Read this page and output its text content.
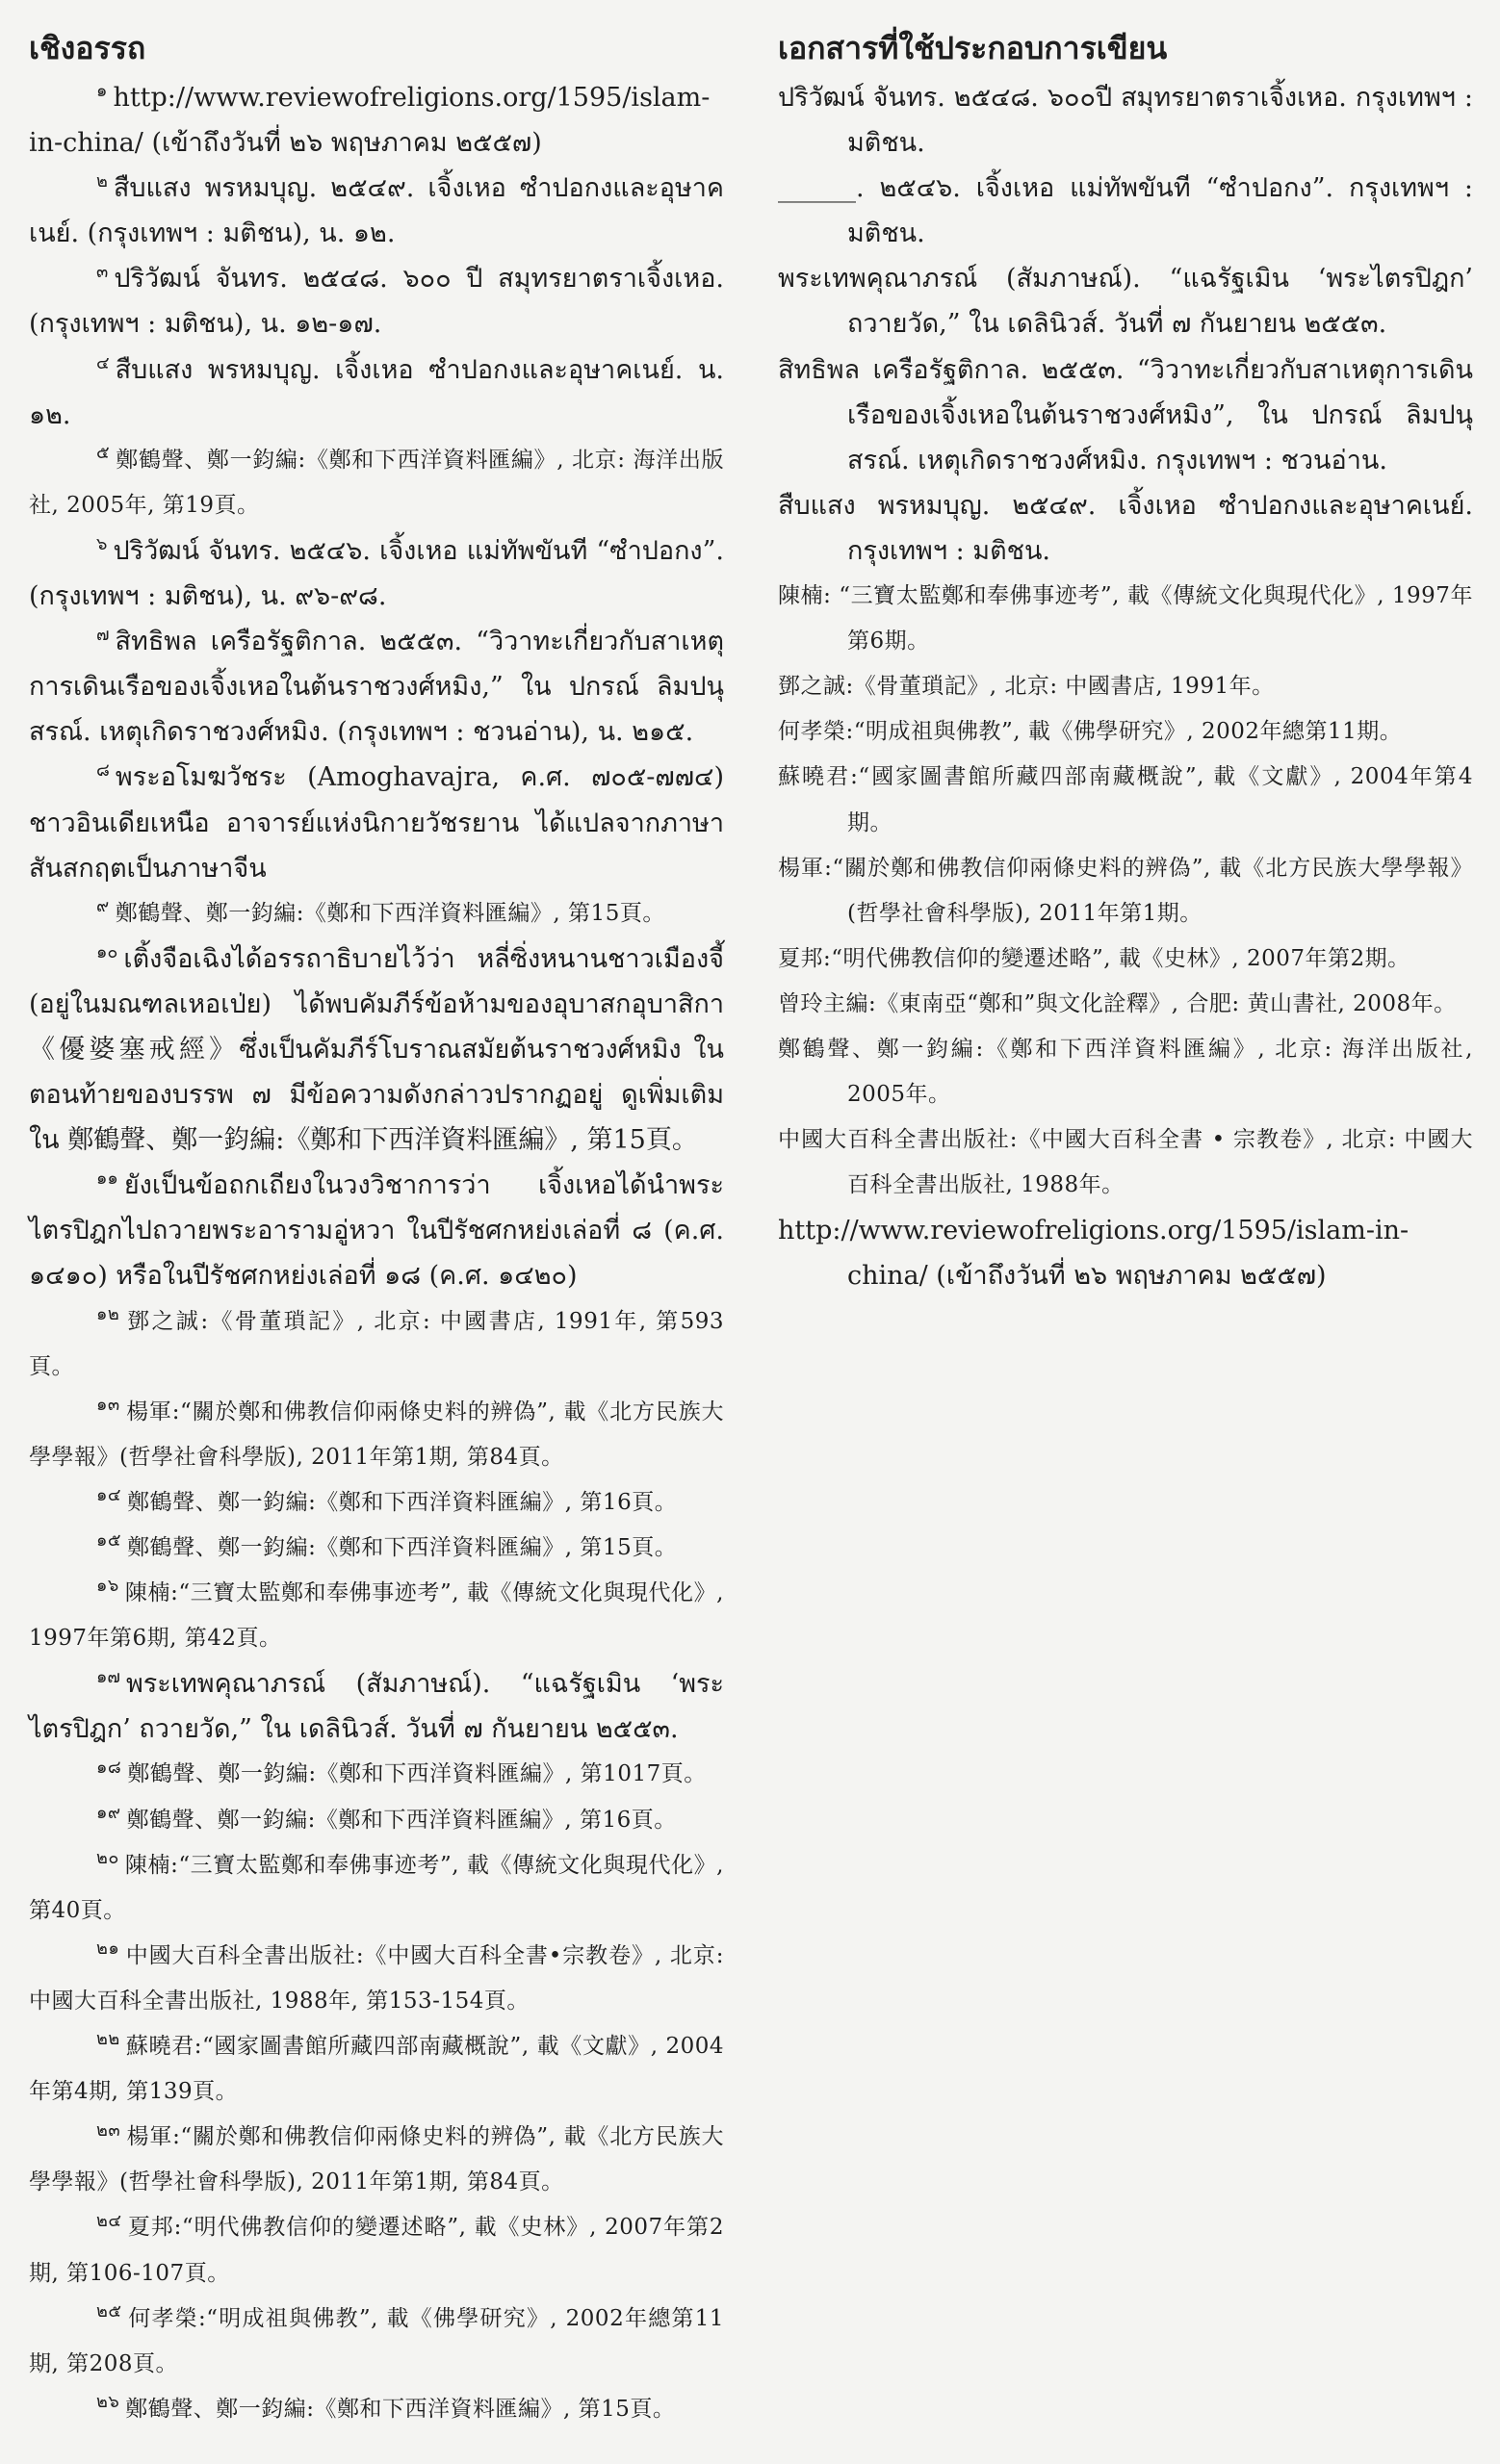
เชิงอรรถ

$^๑$ http://www.reviewofreligions.org/1595/islam-in-china/ (เข้าถึงวันที่ ๒๖ พฤษภาคม ๒๕๕๗)

$^๒$ สืบแสง พรหมบุญ. ๒๕๔๙. เจิ้งเหอ ซำปอกงและอุษาคเนย์. (กรุงเทพฯ : มติชน), น. ๑๒.

$^๓$ ปริวัฒน์ จันทร. ๒๕๔๘. ๖๐๐ ปี สมุทรยาตราเจิ้งเหอ. (กรุงเทพฯ : มติชน), น. ๑๒-๑๗.

$^๔$ สืบแสง พรหมบุญ. เจิ้งเหอ ซำปอกงและอุษาคเนย์. น. ๑๒.

$^๕$ 鄭鶴聲、鄭一鈞編:《鄭和下西洋資料匯編》, 北京: 海洋出版社, 2005年, 第19頁。

$^๖$ ปริวัฒน์ จันทร. ๒๕๔๖. เจิ้งเหอ แม่ทัพขันที “ซำปอกง”. (กรุงเทพฯ : มติชน), น. ๙๖-๙๘.

$^๗$ สิทธิพล เครือรัฐติกาล. ๒๕๕๓. “วิวาทะเกี่ยวกับสาเหตุการเดินเรือของเจิ้งเหอในต้นราชวงศ์หมิง,” ใน ปกรณ์ ลิมปนุสรณ์. เหตุเกิดราชวงศ์หมิง. (กรุงเทพฯ : ชวนอ่าน), น. ๒๑๕.

$^๘$ พระอโมฆวัชระ (Amoghavajra, ค.ศ. ๗๐๕-๗๗๔) ชาวอินเดียเหนือ อาจารย์แห่งนิกายวัชรยาน ได้แปลจากภาษาสันสกฤตเป็นภาษาจีน

$^๙$ 鄭鶴聲、鄭一鈞編:《鄭和下西洋資料匯編》, 第15頁。

$^{๑๐}$ เติ้งจือเฉิงได้อรรถาธิบายไว้ว่า หลี่ซิ่งหนานชาวเมืองจี้ (อยู่ในมณฑลเหอเป่ย) ได้พบคัมภีร์ข้อห้ามของอุบาสกอุบาสิกา《優婆塞戒經》ซึ่งเป็นคัมภีร์โบราณสมัยต้นราชวงศ์หมิง ในตอนท้ายของบรรพ ๗ มีข้อความดังกล่าวปรากฏอยู่ ดูเพิ่มเติมใน 鄭鶴聲、鄭一鈞編:《鄭和下西洋資料匯編》, 第15頁。

$^{๑๑}$ ยังเป็นข้อถกเถียงในวงวิชาการว่า เจิ้งเหอได้นำพระไตรปิฎกไปถวายพระอารามอู่หวา ในปีรัชศกหย่งเล่อที่ ๘ (ค.ศ. ๑๔๑๐) หรือในปีรัชศกหย่งเล่อที่ ๑๘ (ค.ศ. ๑๔๒๐)

$^{๑๒}$ 鄧之誠:《骨董瑣記》, 北京: 中國書店, 1991年, 第593頁。

$^{๑๓}$ 楊軍:“關於鄭和佛教信仰兩條史料的辨偽”, 載《北方民族大學學報》(哲學社會科學版), 2011年第1期, 第84頁。

$^{๑๔}$ 鄭鶴聲、鄭一鈞編:《鄭和下西洋資料匯編》, 第16頁。

$^{๑๕}$ 鄭鶴聲、鄭一鈞編:《鄭和下西洋資料匯編》, 第15頁。

$^{๑๖}$ 陳楠:“三寶太監鄭和奉佛事迹考”, 載《傳統文化與現代化》, 1997年第6期, 第42頁。

$^{๑๗}$ พระเทพคุณาภรณ์ (สัมภาษณ์). “แฉรัฐเมิน ‘พระไตรปิฎก’ ถวายวัด,” ใน เดลินิวส์. วันที่ ๗ กันยายน ๒๕๕๓.

$^{๑๘}$ 鄭鶴聲、鄭一鈞編:《鄭和下西洋資料匯編》, 第1017頁。

$^{๑๙}$ 鄭鶴聲、鄭一鈞編:《鄭和下西洋資料匯編》, 第16頁。

$^{๒๐}$ 陳楠:“三寶太監鄭和奉佛事迹考”, 載《傳統文化與現代化》, 第40頁。

$^{๒๑}$ 中國大百科全書出版社:《中國大百科全書•宗教卷》, 北京: 中國大百科全書出版社, 1988年, 第153-154頁。

$^{๒๒}$ 蘇曉君:“國家圖書館所藏四部南藏概說”, 載《文獻》, 2004年第4期, 第139頁。

$^{๒๓}$ 楊軍:“關於鄭和佛教信仰兩條史料的辨偽”, 載《北方民族大學學報》(哲學社會科學版), 2011年第1期, 第84頁。

$^{๒๔}$ 夏邦:“明代佛教信仰的變遷述略”, 載《史林》, 2007年第2期, 第106-107頁。

$^{๒๕}$ 何孝榮:“明成祖與佛教”, 載《佛學研究》, 2002年總第11期, 第208頁。

$^{๒๖}$ 鄭鶴聲、鄭一鈞編:《鄭和下西洋資料匯編》, 第15頁。

เอกสารที่ใช้ประกอบการเขียน

ปริวัฒน์ จันทร. ๒๕๔๘. ๖๐๐ปี สมุทรยาตราเจิ้งเหอ. กรุงเทพฯ : มติชน.

______. ๒๕๔๖. เจิ้งเหอ แม่ทัพขันที “ซำปอกง”. กรุงเทพฯ : มติชน.

พระเทพคุณาภรณ์ (สัมภาษณ์). “แฉรัฐเมิน ‘พระไตรปิฎก’ ถวายวัด,” ใน เดลินิวส์. วันที่ ๗ กันยายน ๒๕๕๓.

สิทธิพล เครือรัฐติกาล. ๒๕๕๓. “วิวาทะเกี่ยวกับสาเหตุการเดินเรือของเจิ้งเหอในต้นราชวงศ์หมิง”, ใน ปกรณ์ ลิมปนุสรณ์. เหตุเกิดราชวงศ์หมิง. กรุงเทพฯ : ชวนอ่าน.

สืบแสง พรหมบุญ. ๒๕๔๙. เจิ้งเหอ ซำปอกงและอุษาคเนย์. กรุงเทพฯ : มติชน.

陳楠: “三寶太監鄭和奉佛事迹考”, 載《傳統文化與現代化》, 1997年第6期。

鄧之誠:《骨董瑣記》, 北京: 中國書店, 1991年。

何孝榮:“明成祖與佛教”, 載《佛學研究》, 2002年總第11期。

蘇曉君:“國家圖書館所藏四部南藏概說”, 載《文獻》, 2004年第4期。

楊軍:“關於鄭和佛教信仰兩條史料的辨偽”, 載《北方民族大學學報》(哲學社會科學版), 2011年第1期。

夏邦:“明代佛教信仰的變遷述略”, 載《史林》, 2007年第2期。

曾玲主編:《東南亞“鄭和”與文化詮釋》, 合肥: 黄山書社, 2008年。

鄭鶴聲、鄭一鈞編:《鄭和下西洋資料匯編》, 北京: 海洋出版社, 2005年。

中國大百科全書出版社:《中國大百科全書 • 宗教卷》, 北京: 中國大百科全書出版社, 1988年。

http://www.reviewofreligions.org/1595/islam-in-china/ (เข้าถึงวันที่ ๒๖ พฤษภาคม ๒๕๕๗)
